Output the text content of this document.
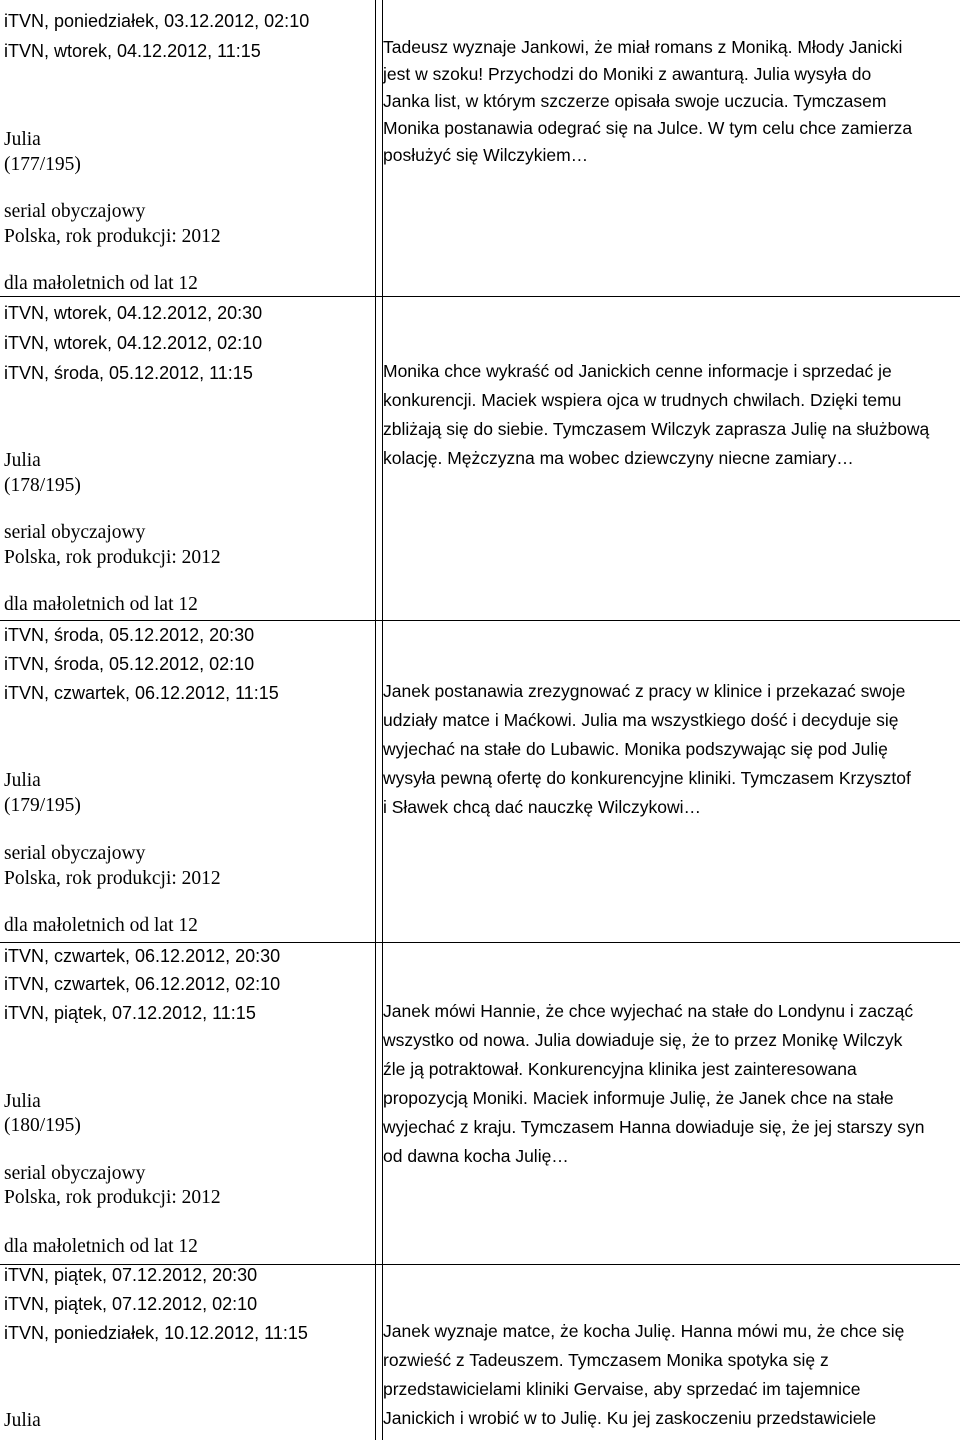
iTVN, poniedziałek, 03.12.2012, 02:10
iTVN, wtorek, 04.12.2012, 11:15
Julia
(177/195)
serial obyczajowy
Polska, rok produkcji: 2012
dla małoletnich od lat 12
Tadeusz wyznaje Jankowi, że miał romans z Moniką. Młody Janicki
jest w szoku! Przychodzi do Moniki z awanturą. Julia wysyła do
Janka list, w którym szczerze opisała swoje uczucia. Tymczasem
Monika postanawia odegrać się na Julce. W tym celu chce zamierza
posłużyć się Wilczykiem…
iTVN, wtorek, 04.12.2012, 20:30
iTVN, wtorek, 04.12.2012, 02:10
iTVN, środa, 05.12.2012, 11:15
Julia
(178/195)
serial obyczajowy
Polska, rok produkcji: 2012
dla małoletnich od lat 12
Monika chce wykraść od Janickich cenne informacje i sprzedać je
konkurencji. Maciek wspiera ojca w trudnych chwilach. Dzięki temu
zbliżają się do siebie. Tymczasem Wilczyk zaprasza Julię na służbową
kolację. Mężczyzna ma wobec dziewczyny niecne zamiary…
iTVN, środa, 05.12.2012, 20:30
iTVN, środa, 05.12.2012, 02:10
iTVN, czwartek, 06.12.2012, 11:15
Julia
(179/195)
serial obyczajowy
Polska, rok produkcji: 2012
dla małoletnich od lat 12
Janek postanawia zrezygnować z pracy w klinice i przekazać swoje
udziały matce i Maćkowi. Julia ma wszystkiego dość i decyduje się
wyjechać na stałe do Lubawic. Monika podszywając się pod Julię
wysyła pewną ofertę do konkurencyjne kliniki. Tymczasem Krzysztof
i Sławek chcą dać nauczkę Wilczykowi…
iTVN, czwartek, 06.12.2012, 20:30
iTVN, czwartek, 06.12.2012, 02:10
iTVN, piątek, 07.12.2012, 11:15
Julia
(180/195)
serial obyczajowy
Polska, rok produkcji: 2012
dla małoletnich od lat 12
Janek mówi Hannie, że chce wyjechać na stałe do Londynu i zacząć
wszystko od nowa. Julia dowiaduje się, że to przez Monikę Wilczyk
źle ją potraktował. Konkurencyjna klinika jest zainteresowana
propozycją Moniki. Maciek informuje Julię, że Janek chce na stałe
wyjechać z kraju. Tymczasem Hanna dowiaduje się, że jej starszy syn
od dawna kocha Julię…
iTVN, piątek, 07.12.2012, 20:30
iTVN, piątek, 07.12.2012, 02:10
iTVN, poniedziałek, 10.12.2012, 11:15
Julia
Janek wyznaje matce, że kocha Julię. Hanna mówi mu, że chce się
rozwieść z Tadeuszem. Tymczasem Monika spotyka się z
przedstawicielami kliniki Gervaise, aby sprzedać im tajemnice
Janickich i wrobić w to Julię. Ku jej zaskoczeniu przedstawiciele
